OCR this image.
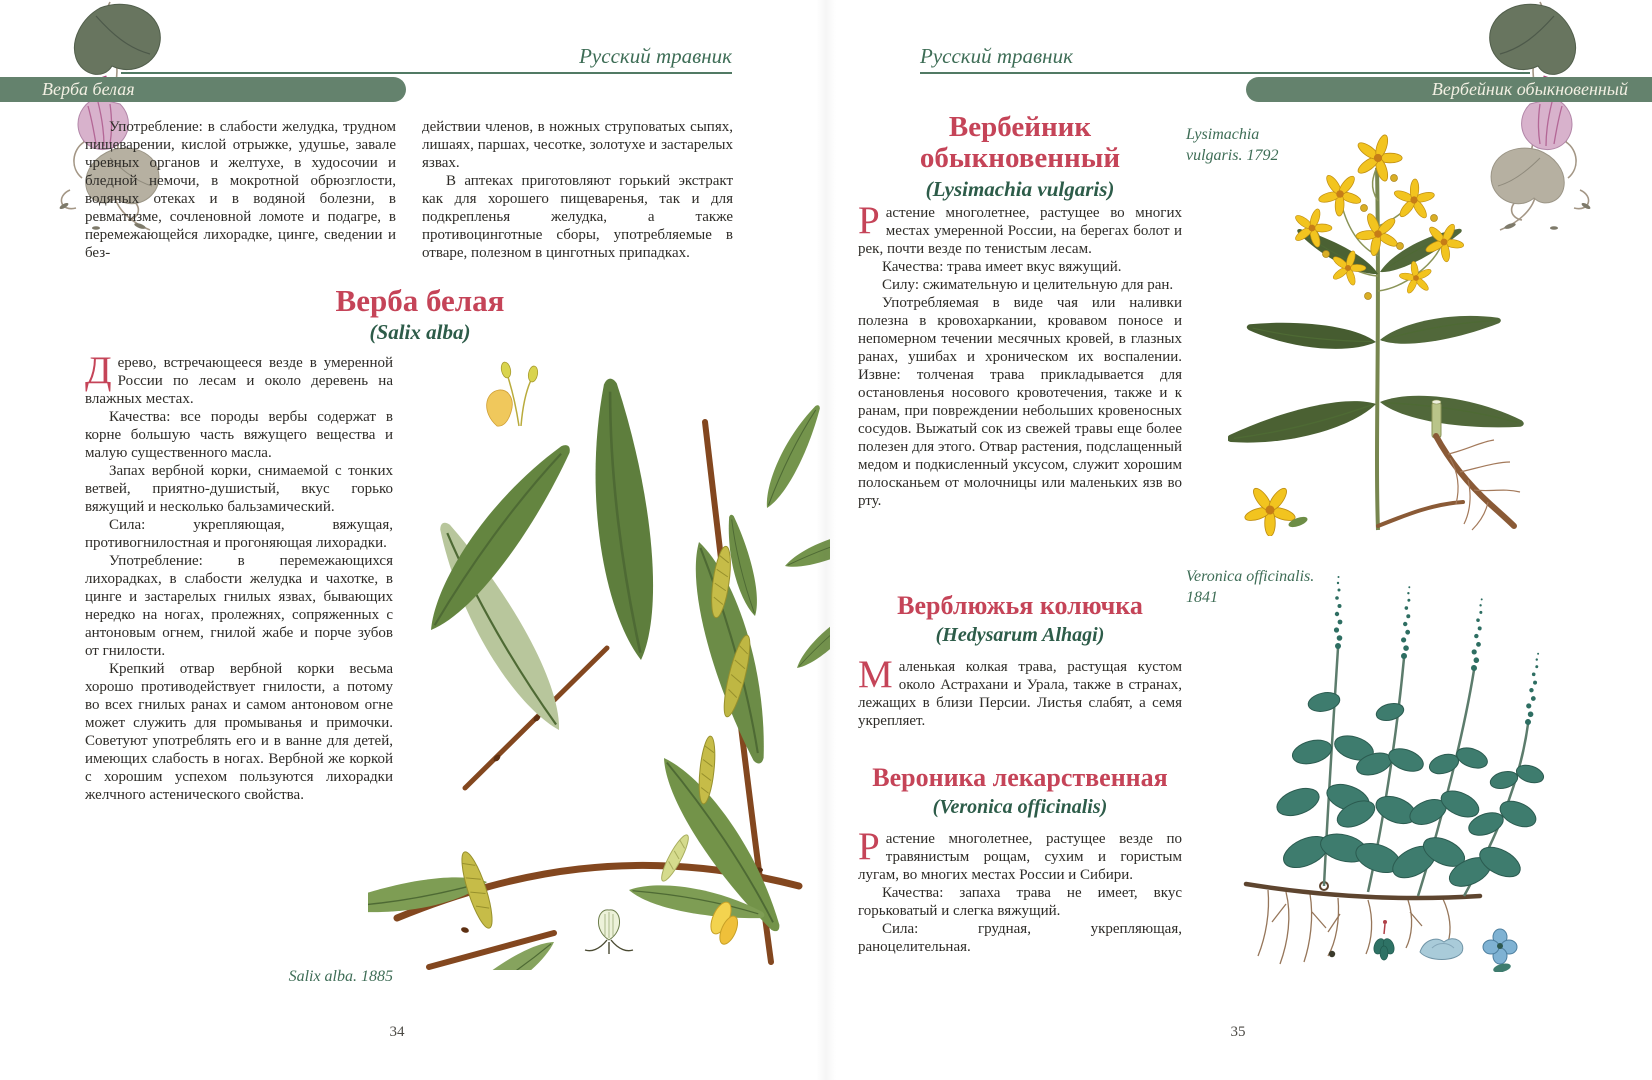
Русский травник
Верба белая

Употребление: в слабости желудка, трудном пищеварении, кислой отрыжке, удушье, завале чревных органов и желтухе, в худосочии и бледной немочи, в мокротной обрюзглости, водяных отеках и в водяной болезни, в ревматизме, сочленовной ломоте и подагре, в перемежающейся лихорадке, цинге, сведении и без-

действии членов, в ножных струповатых сыпях, лишаях, паршах, чесотке, золотухе и застарелых язвах.

В аптеках приготовляют горький экстракт как для хорошего пищеваренья, так и для подкрепленья желудка, а также противоцинготные сборы, употребляемые в отваре, полезном в цинготных припадках.

Верба белая
(Salix alba)

Дерево, встречающееся везде в умеренной России по лесам и около деревень на влажных местах.

Качества: все породы вербы содержат в корне большую часть вяжущего вещества и малую существенного масла.

Запах вербной корки, снимаемой с тонких ветвей, приятно-душистый, вкус горько вяжущий и несколько бальзамический.

Сила: укрепляющая, вяжущая, противогнилостная и прогоняющая лихорадки.

Употребление: в перемежающихся лихорадках, в слабости желудка и чахотке, в цинге и застарелых гнилых язвах, бывающих нередко на ногах, пролежнях, сопряженных с антоновым огнем, гнилой жабе и порче зубов от гнилости.

Крепкий отвар вербной корки весьма хорошо противодействует гнилости, а потому во всех гнилых ранах и самом антоновом огне может служить для промыванья и примочки. Советуют употреблять его и в ванне для детей, имеющих слабость в ногах. Вербной же коркой с хорошим успехом пользуются лихорадки желчного астенического свойства.

Salix alba. 1885
34
Русский травник
Вербейник обыкновенный
Вербейник обыкновенный
(Lysimachia vulgaris)

Растение многолетнее, растущее во многих местах умеренной России, на берегах болот и рек, почти везде по тенистым лесам.

Качества: трава имеет вкус вяжущий.

Силу: сжимательную и целительную для ран.

Употребляемая в виде чая или наливки полезна в кровохаркании, кровавом поносе и непомерном течении месячных кровей, в глазных ранах, ушибах и хроническом их воспалении. Извне: толченая трава прикладывается для остановленья носового кровотечения, также и к ранам, при повреждении небольших кровеносных сосудов. Выжатый сок из свежей травы еще более полезен для этого. Отвар растения, подслащенный медом и подкисленный уксусом, служит хорошим полосканьем от молочницы или маленьких язв во рту.

Верблюжья колючка
(Hedysarum Alhagi)

Маленькая колкая трава, растущая кустом около Астрахани и Урала, также в странах, лежащих в близи Персии. Листья слабят, а семя укрепляет.

Вероника лекарственная
(Veronica officinalis)

Растение многолетнее, растущее везде по травянистым рощам, сухим и гористым лугам, во многих местах России и Сибири.

Качества: запаха трава не имеет, вкус горьковатый и слегка вяжущий.

Сила: грудная, укрепляющая, раноцелительная.

Lysimachia vulgaris. 1792
Veronica officinalis. 1841
35
